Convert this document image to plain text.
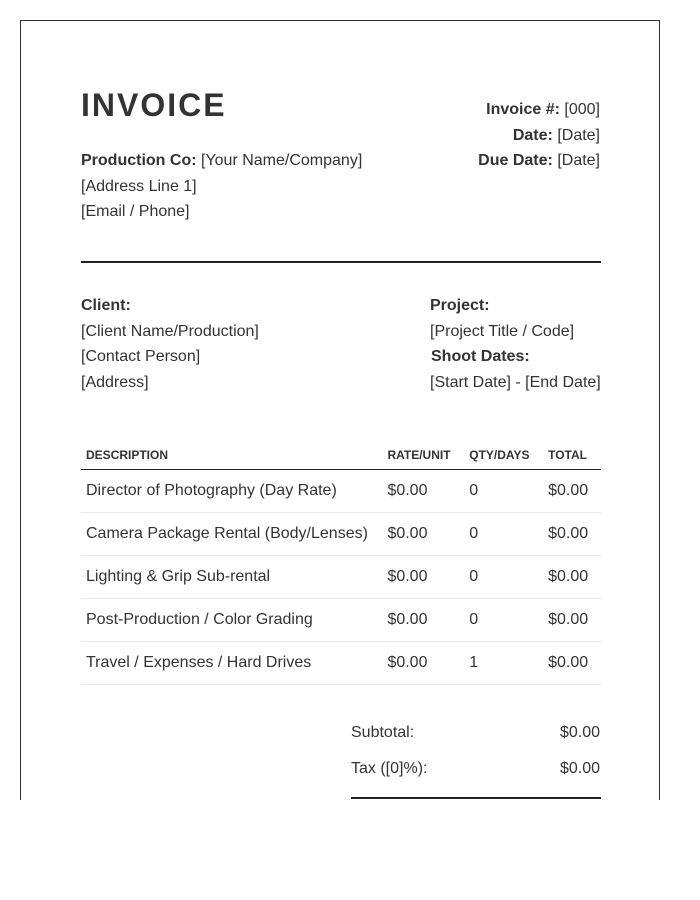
INVOICE	Invoice #: [000]
Date: [Date]
Due Date: [Date]
Production Co: [Your Name/Company]
[Address Line 1]
[Email / Phone]
Client:
[Client Name/Production]
[Contact Person]
[Address]
Project:
[Project Title / Code]
Shoot Dates:
[Start Date] - [End Date]
DESCRIPTION	RATE/UNIT	QTY/DAYS	TOTAL
Director of Photography (Day Rate)	$0.00	0	$0.00
Camera Package Rental (Body/Lenses)	$0.00	0	$0.00
Lighting & Grip Sub-rental	$0.00	0	$0.00
Post-Production / Color Grading	$0.00	0	$0.00
Travel / Expenses / Hard Drives	$0.00	1	$0.00
Subtotal:	$0.00
Tax ([0]%):	$0.00
